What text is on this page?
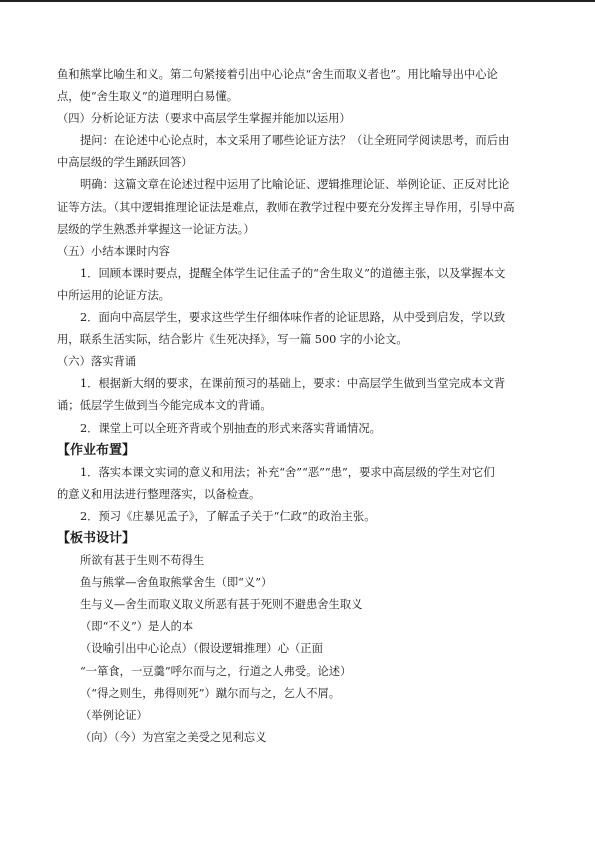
鱼和熊掌比喻生和义。第二句紧接着引出中心论点“舍生而取义者也”。用比喻导出中心论
点，使“舍生取义”的道理明白易懂。
（四）分析论证方法（要求中高层学生掌握并能加以运用）
提问：在论述中心论点时，本文采用了哪些论证方法？（让全班同学阅读思考，而后由
中高层级的学生踊跃回答）
明确：这篇文章在论述过程中运用了比喻论证、逻辑推理论证、举例论证、正反对比论
证等方法。（其中逻辑推理论证法是难点，教师在教学过程中要充分发挥主导作用，引导中高
层级的学生熟悉并掌握这一论证方法。）
（五）小结本课时内容
1．回顾本课时要点，提醒全体学生记住孟子的“舍生取义”的道德主张，以及掌握本文
中所运用的论证方法。
2．面向中高层学生，要求这些学生仔细体味作者的论证思路，从中受到启发，学以致
用，联系生活实际，结合影片《生死决择》，写一篇 500 字的小论文。
（六）落实背诵
1．根据新大纲的要求，在课前预习的基础上，要求：中高层学生做到当堂完成本文背
诵；低层学生做到当今能完成本文的背诵。
2．课堂上可以全班齐背或个别抽查的形式来落实背诵情况。
【作业布置】
1．落实本课文实词的意义和用法；补充“舍”“恶”“患”，要求中高层级的学生对它们
的意义和用法进行整理落实，以备检查。
2．预习《庄暴见孟子》，了解孟子关于“仁政”的政治主张。
【板书设计】
所欲有甚于生则不苟得生
鱼与熊掌—舍鱼取熊掌舍生（即“义”）
生与义—舍生而取义取义所恶有甚于死则不避患舍生取义
（即“不义”）是人的本
（设喻引出中心论点）（假设逻辑推理）心（正面
“一箪食，一豆羹”呼尔而与之，行道之人弗受。论述）
（“得之则生，弗得则死”）蹴尔而与之，乞人不屑。
（举例论证）
（向）（今）为宫室之美受之见利忘义
